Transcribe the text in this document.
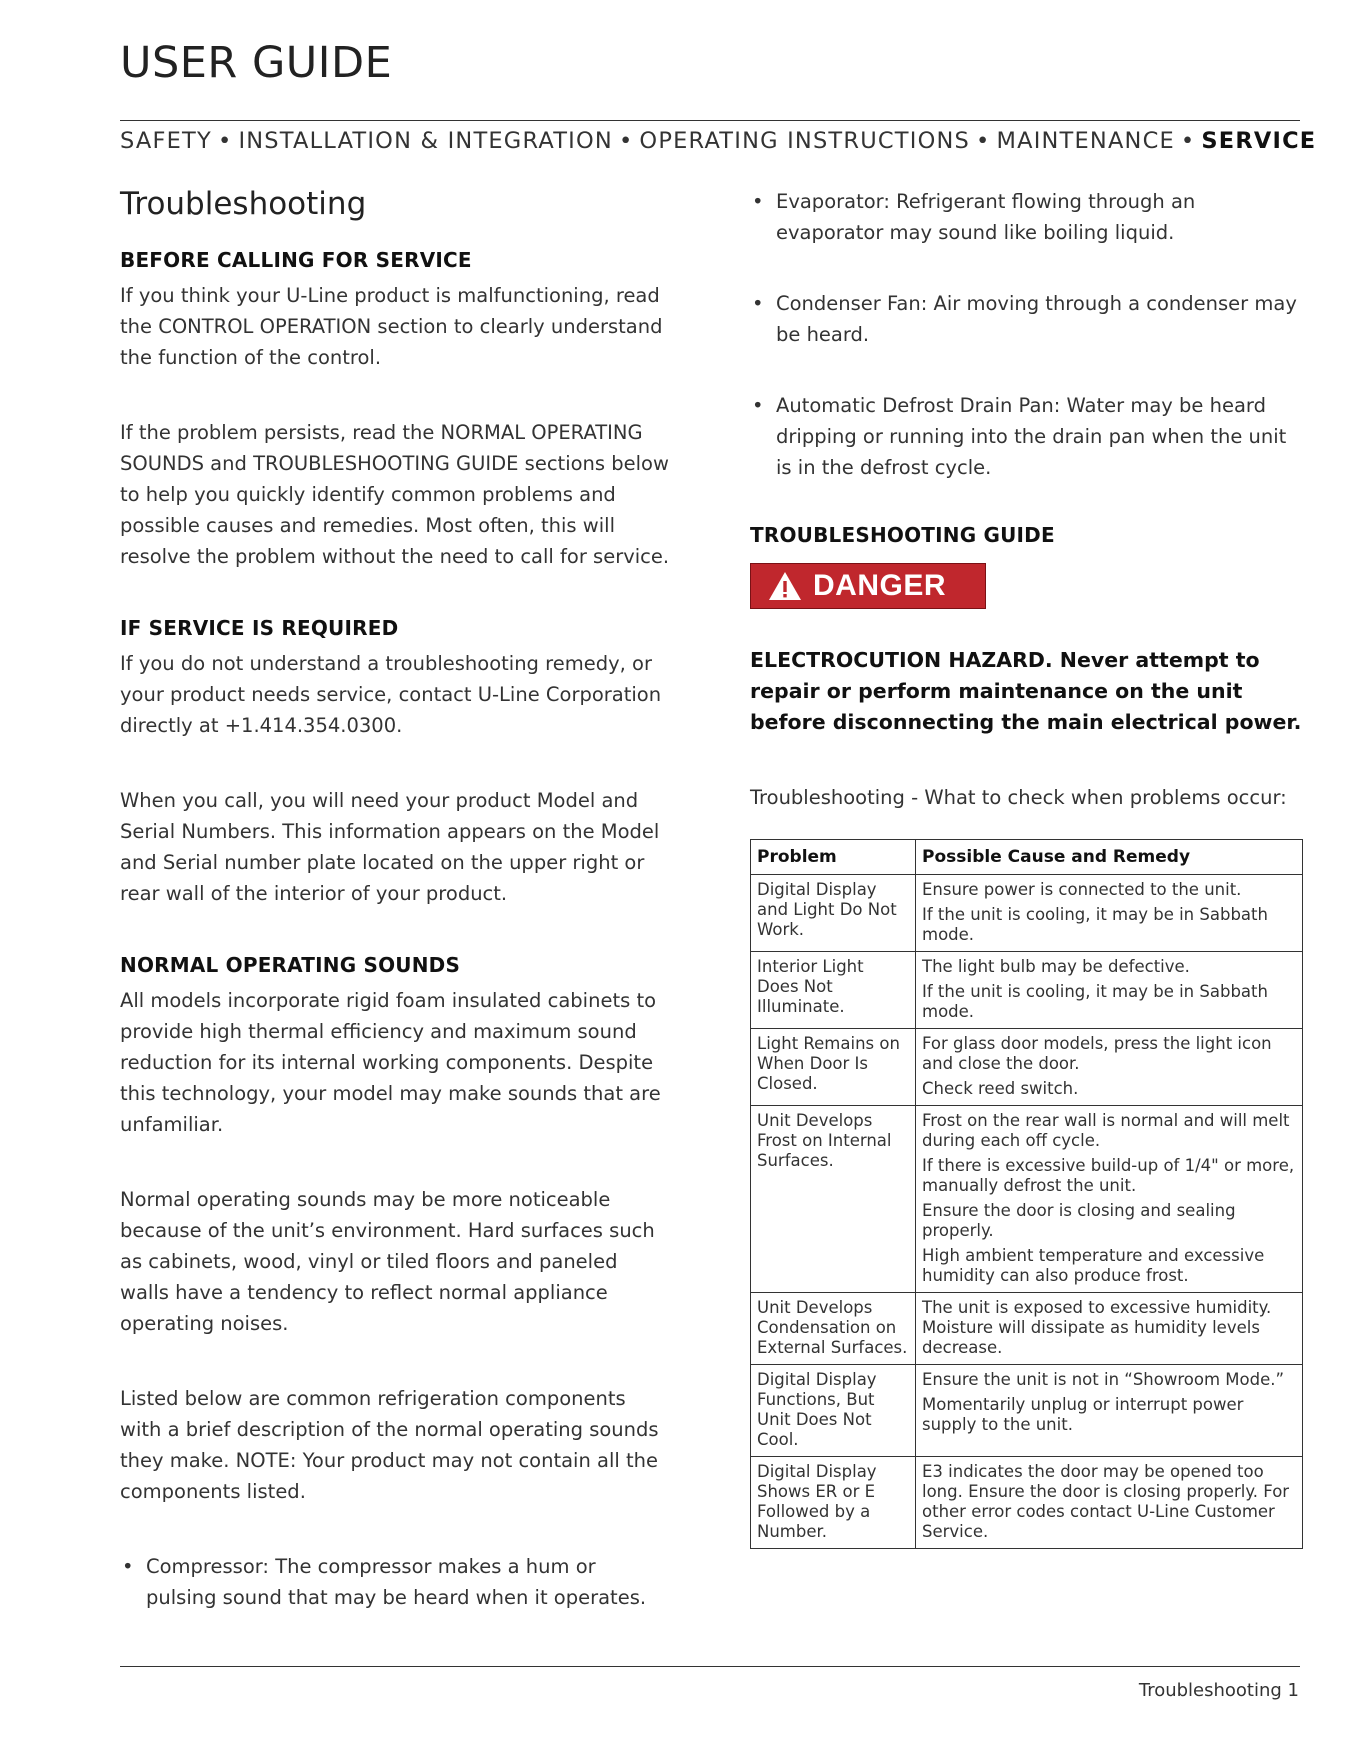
USER GUIDE
SAFETY • INSTALLATION & INTEGRATION • OPERATING INSTRUCTIONS • MAINTENANCE • SERVICE
Troubleshooting
BEFORE CALLING FOR SERVICE

If you think your U-Line product is malfunctioning, read the CONTROL OPERATION section to clearly understand the function of the control.

If the problem persists, read the NORMAL OPERATING SOUNDS and TROUBLESHOOTING GUIDE sections below to help you quickly identify common problems and possible causes and remedies. Most often, this will resolve the problem without the need to call for service.

IF SERVICE IS REQUIRED

If you do not understand a troubleshooting remedy, or your product needs service, contact U-Line Corporation directly at +1.414.354.0300.

When you call, you will need your product Model and Serial Numbers. This information appears on the Model and Serial number plate located on the upper right or rear wall of the interior of your product.

NORMAL OPERATING SOUNDS

All models incorporate rigid foam insulated cabinets to provide high thermal efficiency and maximum sound reduction for its internal working components. Despite this technology, your model may make sounds that are unfamiliar.

Normal operating sounds may be more noticeable because of the unit’s environment. Hard surfaces such as cabinets, wood, vinyl or tiled floors and paneled walls have a tendency to reflect normal appliance operating noises.

Listed below are common refrigeration components with a brief description of the normal operating sounds they make. NOTE: Your product may not contain all the components listed.

• Compressor: The compressor makes a hum or pulsing sound that may be heard when it operates.
• Evaporator: Refrigerant flowing through an evaporator may sound like boiling liquid.
• Condenser Fan: Air moving through a condenser may be heard.
• Automatic Defrost Drain Pan: Water may be heard dripping or running into the drain pan when the unit is in the defrost cycle.
TROUBLESHOOTING GUIDE
DANGER

ELECTROCUTION HAZARD. Never attempt to repair or perform maintenance on the unit before disconnecting the main electrical power.

Troubleshooting - What to check when problems occur:

Problem	Possible Cause and Remedy
Digital Display and Light Do Not Work.	Ensure power is connected to the unit.
If the unit is cooling, it may be in Sabbath mode.

Interior Light Does Not Illuminate.	The light bulb may be defective.
If the unit is cooling, it may be in Sabbath mode.

Light Remains on When Door Is Closed.	For glass door models, press the light icon and close the door.
Check reed switch.

Unit Develops Frost on Internal Surfaces.	Frost on the rear wall is normal and will melt during each off cycle.
If there is excessive build-up of 1/4" or more, manually defrost the unit.
Ensure the door is closing and sealing properly.
High ambient temperature and excessive humidity can also produce frost.

Unit Develops Condensation on External Surfaces.	The unit is exposed to excessive humidity. Moisture will dissipate as humidity levels decrease.

Digital Display Functions, But Unit Does Not Cool.	Ensure the unit is not in “Showroom Mode.”
Momentarily unplug or interrupt power supply to the unit.

Digital Display Shows ER or E Followed by a Number.	E3 indicates the door may be opened too long. Ensure the door is closing properly. For other error codes contact U-Line Customer Service.
Troubleshooting 1
